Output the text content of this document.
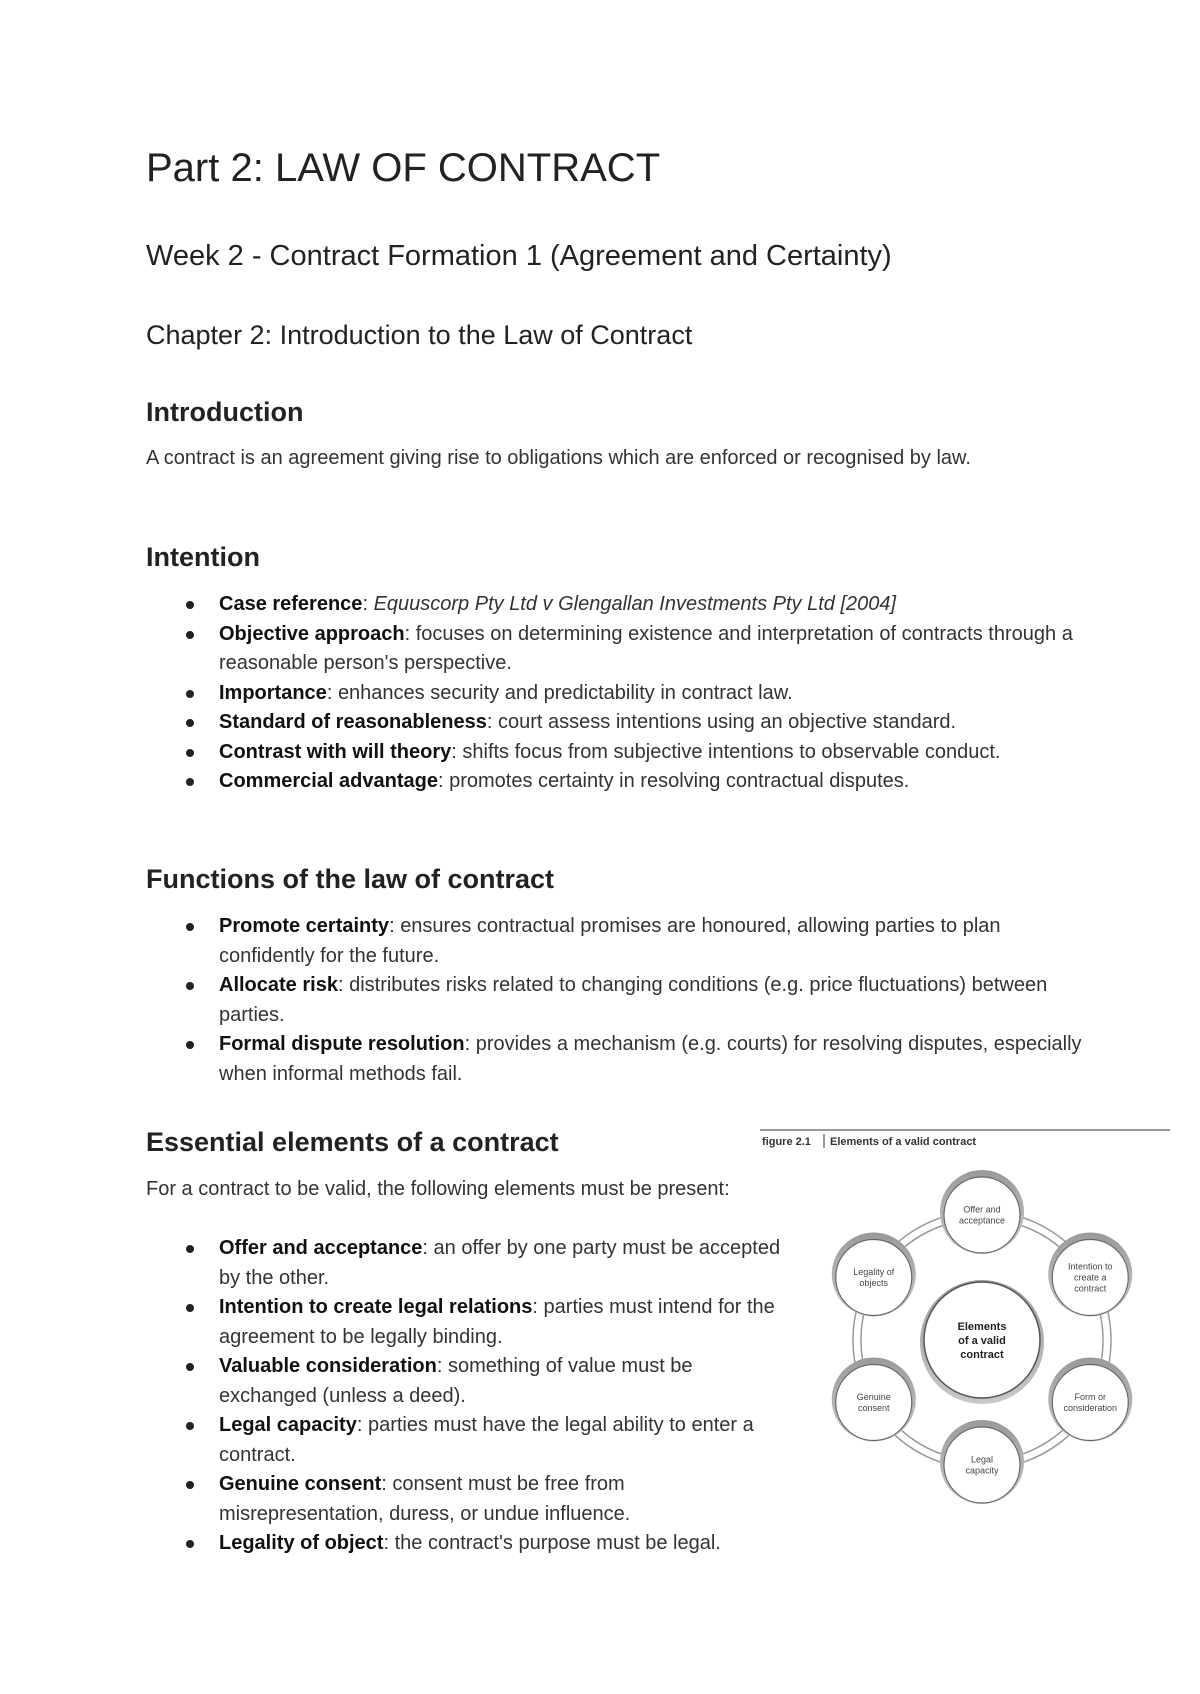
Part 2: LAW OF CONTRACT
Week 2 - Contract Formation 1 (Agreement and Certainty)
Chapter 2: Introduction to the Law of Contract
Introduction

A contract is an agreement giving rise to obligations which are enforced or recognised by law.

Intention
Case reference: Equuscorp Pty Ltd v Glengallan Investments Pty Ltd [2004]
Objective approach: focuses on determining existence and interpretation of contracts through a reasonable person's perspective.
Importance: enhances security and predictability in contract law.
Standard of reasonableness: court assess intentions using an objective standard.
Contrast with will theory: shifts focus from subjective intentions to observable conduct.
Commercial advantage: promotes certainty in resolving contractual disputes.
Functions of the law of contract
Promote certainty: ensures contractual promises are honoured, allowing parties to plan confidently for the future.
Allocate risk: distributes risks related to changing conditions (e.g. price fluctuations) between parties.
Formal dispute resolution: provides a mechanism (e.g. courts) for resolving disputes, especially when informal methods fail.
Essential elements of a contract

For a contract to be valid, the following elements must be present:

Offer and acceptance: an offer by one party must be accepted by the other.
Intention to create legal relations: parties must intend for the agreement to be legally binding.
Valuable consideration: something of value must be exchanged (unless a deed).
Legal capacity: parties must have the legal ability to enter a contract.
Genuine consent: consent must be free from misrepresentation, duress, or undue influence.
Legality of object: the contract's purpose must be legal.
figure 2.1 Elements of a valid contract
Elements
of a valid
contract
Offer and
acceptance
Intention to
create a
contract
Form or
consideration
Legal
capacity
Genuine
consent
Legality of
objects
